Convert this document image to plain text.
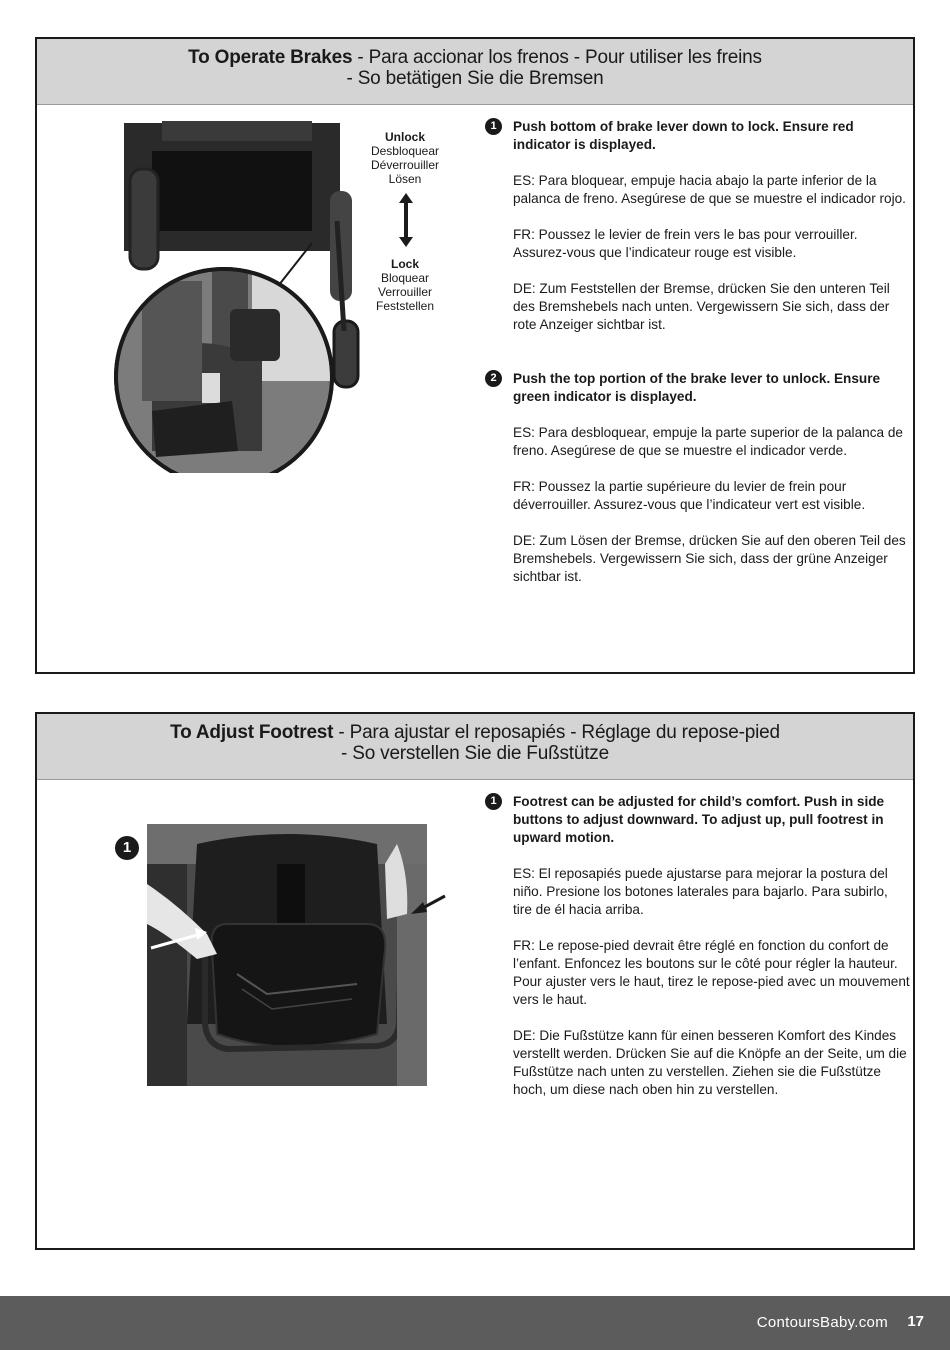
To Operate Brakes - Para accionar los frenos - Pour utiliser les freins
- So betätigen Sie die Bremsen
Unlock
Desbloquear
Déverrouiller
Lösen
Lock
Bloquear
Verrouiller
Feststellen
1	Push bottom of brake lever down to lock. Ensure red indicator is displayed.

ES: Para bloquear, empuje hacia abajo la parte inferior de la palanca de freno. Asegúrese de que se muestre el indicador rojo.

FR: Poussez le levier de frein vers le bas pour verrouiller. Assurez-vous que l’indicateur rouge est visible.

DE: Zum Feststellen der Bremse, drücken Sie den unteren Teil des Bremshebels nach unten. Vergewissern Sie sich, dass der rote Anzeiger sichtbar ist.

2	Push the top portion of the brake lever to unlock. Ensure green indicator is displayed.

ES: Para desbloquear, empuje la parte superior de la palanca de freno. Asegúrese de que se muestre el indicador verde.

FR: Poussez la partie supérieure du levier de frein pour déverrouiller. Assurez-vous que l’indicateur vert est visible.

DE: Zum Lösen der Bremse, drücken Sie auf den oberen Teil des Bremshebels. Vergewissern Sie sich, dass der grüne Anzeiger sichtbar ist.

To Adjust Footrest - Para ajustar el reposapiés - Réglage du repose-pied
- So verstellen Sie die Fußstütze
1
1	Footrest can be adjusted for child’s comfort. Push in side buttons to adjust downward. To adjust up, pull footrest in upward motion.

ES: El reposapiés puede ajustarse para mejorar la postura del niño. Presione los botones laterales para bajarlo. Para subirlo, tire de él hacia arriba.

FR: Le repose-pied devrait être réglé en fonction du confort de l’enfant. Enfoncez les boutons sur le côté pour régler la hauteur. Pour ajuster vers le haut, tirez le repose-pied avec un mouvement vers le haut.

DE: Die Fußstütze kann für einen besseren Komfort des Kindes verstellt werden. Drücken Sie auf die Knöpfe an der Seite, um die Fußstütze nach unten zu verstellen. Ziehen sie die Fußstütze hoch, um diese nach oben hin zu verstellen.

ContoursBaby.com 17
